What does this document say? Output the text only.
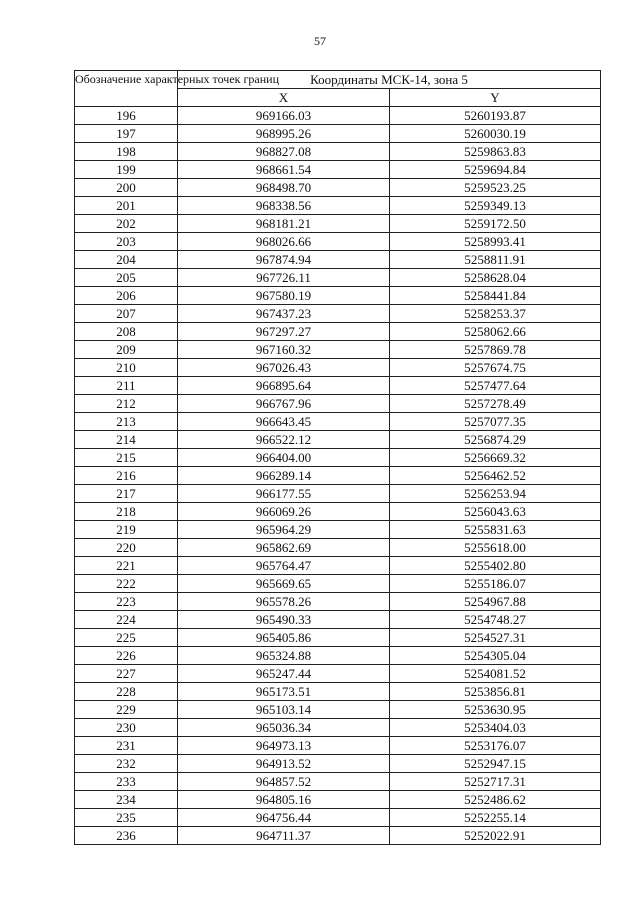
57
Обозначение характерных точек границ	Координаты МСК-14, зона 5	
	X	Y
196	969166.03	5260193.87
197	968995.26	5260030.19
198	968827.08	5259863.83
199	968661.54	5259694.84
200	968498.70	5259523.25
201	968338.56	5259349.13
202	968181.21	5259172.50
203	968026.66	5258993.41
204	967874.94	5258811.91
205	967726.11	5258628.04
206	967580.19	5258441.84
207	967437.23	5258253.37
208	967297.27	5258062.66
209	967160.32	5257869.78
210	967026.43	5257674.75
211	966895.64	5257477.64
212	966767.96	5257278.49
213	966643.45	5257077.35
214	966522.12	5256874.29
215	966404.00	5256669.32
216	966289.14	5256462.52
217	966177.55	5256253.94
218	966069.26	5256043.63
219	965964.29	5255831.63
220	965862.69	5255618.00
221	965764.47	5255402.80
222	965669.65	5255186.07
223	965578.26	5254967.88
224	965490.33	5254748.27
225	965405.86	5254527.31
226	965324.88	5254305.04
227	965247.44	5254081.52
228	965173.51	5253856.81
229	965103.14	5253630.95
230	965036.34	5253404.03
231	964973.13	5253176.07
232	964913.52	5252947.15
233	964857.52	5252717.31
234	964805.16	5252486.62
235	964756.44	5252255.14
236	964711.37	5252022.91
